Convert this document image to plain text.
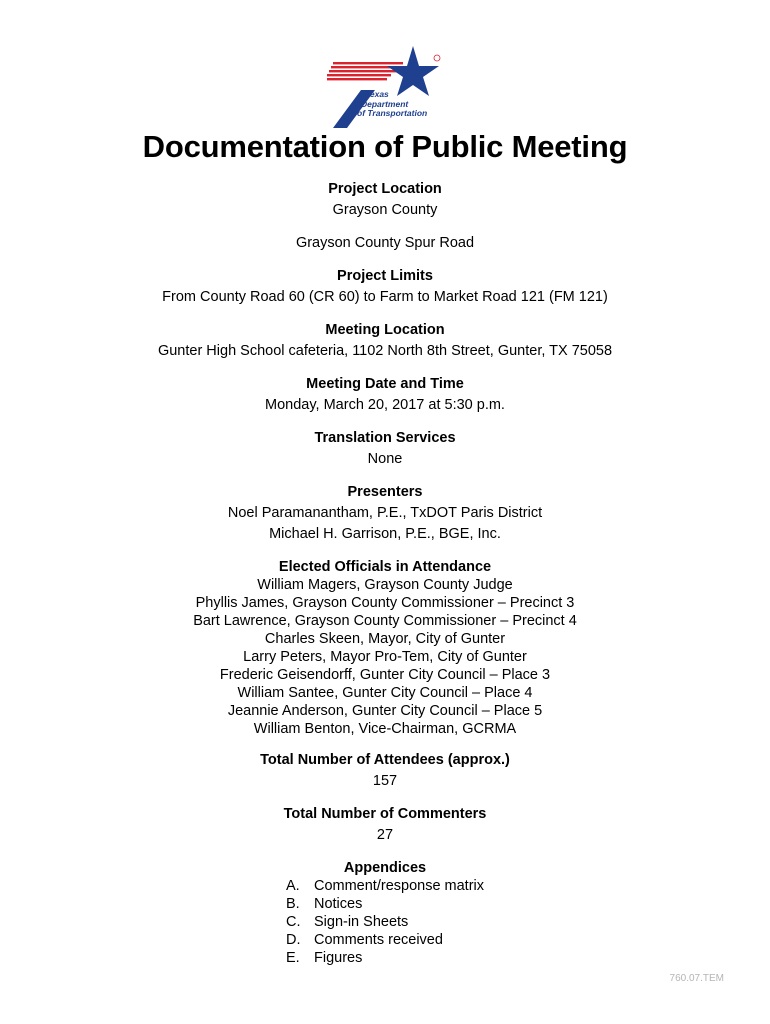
Texas
Department
of Transportation
Documentation of Public Meeting
Project Location
Grayson County
Grayson County Spur Road
Project Limits
From County Road 60 (CR 60) to Farm to Market Road 121 (FM 121)
Meeting Location
Gunter High School cafeteria, 1102 North 8th Street, Gunter, TX 75058
Meeting Date and Time
Monday, March 20, 2017 at 5:30 p.m.
Translation Services
None
Presenters
Noel Paramanantham, P.E., TxDOT Paris District
Michael H. Garrison, P.E., BGE, Inc.
Elected Officials in Attendance
William Magers, Grayson County Judge
Phyllis James, Grayson County Commissioner – Precinct 3
Bart Lawrence, Grayson County Commissioner – Precinct 4
Charles Skeen, Mayor, City of Gunter
Larry Peters, Mayor Pro-Tem, City of Gunter
Frederic Geisendorff, Gunter City Council – Place 3
William Santee, Gunter City Council – Place 4
Jeannie Anderson, Gunter City Council – Place 5
William Benton, Vice-Chairman, GCRMA
Total Number of Attendees (approx.)
157
Total Number of Commenters
27
Appendices
A. Comment/response matrix
B. Notices
C. Sign-in Sheets
D. Comments received
E. Figures
760.07.TEM
